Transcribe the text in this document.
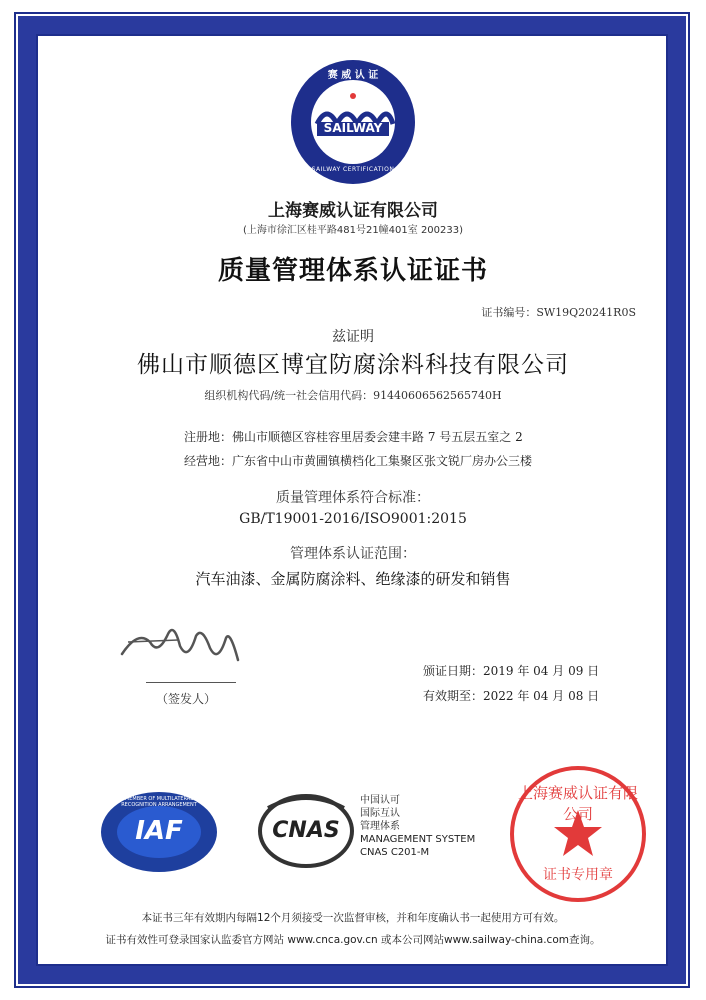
赛 威 认 证
SAILWAY
SAILWAY CERTIFICATION
上海赛威认证有限公司
(上海市徐汇区桂平路481号21幢401室 200233)
质量管理体系认证证书
证书编号：SW19Q20241R0S
兹证明
佛山市顺德区博宜防腐涂料科技有限公司
组织机构代码/统一社会信用代码：91440606562565740H
注册地：佛山市顺德区容桂容里居委会建丰路 7 号五层五室之 2
经营地：广东省中山市黄圃镇横档化工集聚区张文锐厂房办公三楼
质量管理体系符合标准：
GB/T19001-2016/ISO9001:2015
管理体系认证范围：
汽车油漆、金属防腐涂料、绝缘漆的研发和销售
（签发人）
颁证日期：2019 年 04 月 09 日
有效期至：2022 年 04 月 08 日
IAF
MEMBER OF MULTILATERAL RECOGNITION ARRANGEMENT
CNAS
中国认可
国际互认
管理体系
MANAGEMENT SYSTEM
CNAS C201-M
上海赛威认证有限公司
证书专用章
本证书三年有效期内每隔12个月须接受一次监督审核，并和年度确认书一起使用方可有效。
证书有效性可登录国家认监委官方网站 www.cnca.gov.cn 或本公司网站www.sailway-china.com查询。
